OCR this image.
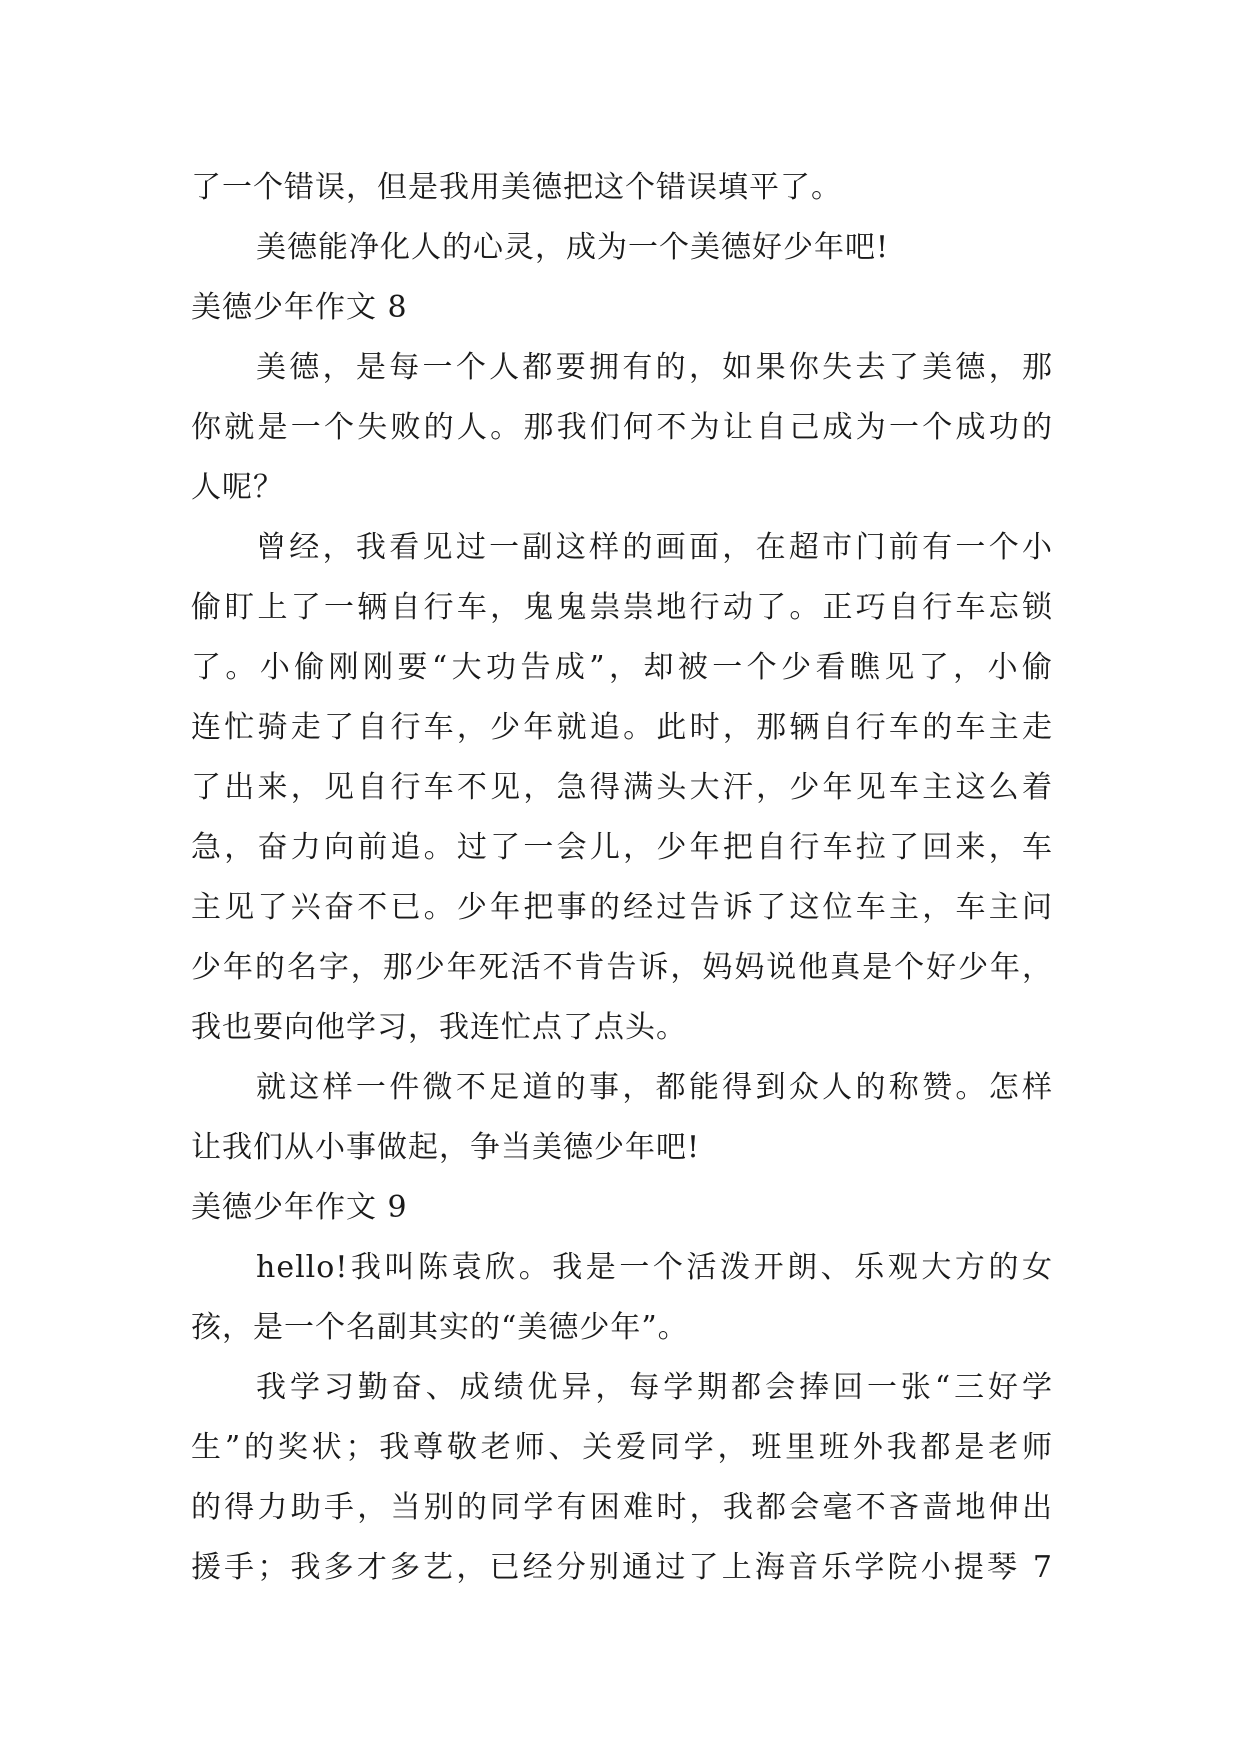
了一个错误，但是我用美德把这个错误填平了。
美德能净化人的心灵，成为一个美德好少年吧!
美德少年作文 8
美德，是每一个人都要拥有的，如果你失去了美德，那
你就是一个失败的人。那我们何不为让自己成为一个成功的
人呢？
曾经，我看见过一副这样的画面，在超市门前有一个小
偷盯上了一辆自行车，鬼鬼祟祟地行动了。正巧自行车忘锁
了。小偷刚刚要“大功告成”，却被一个少看瞧见了，小偷
连忙骑走了自行车，少年就追。此时，那辆自行车的车主走
了出来，见自行车不见，急得满头大汗，少年见车主这么着
急，奋力向前追。过了一会儿，少年把自行车拉了回来，车
主见了兴奋不已。少年把事的经过告诉了这位车主，车主问
少年的名字，那少年死活不肯告诉，妈妈说他真是个好少年，
我也要向他学习，我连忙点了点头。
就这样一件微不足道的事，都能得到众人的称赞。怎样
让我们从小事做起，争当美德少年吧!
美德少年作文 9
hello!我叫陈袁欣。我是一个活泼开朗、乐观大方的女
孩，是一个名副其实的“美德少年”。
我学习勤奋、成绩优异，每学期都会捧回一张“三好学
生”的奖状；我尊敬老师、关爱同学，班里班外我都是老师
的得力助手，当别的同学有困难时，我都会毫不吝啬地伸出
援手；我多才多艺，已经分别通过了上海音乐学院小提琴 7
